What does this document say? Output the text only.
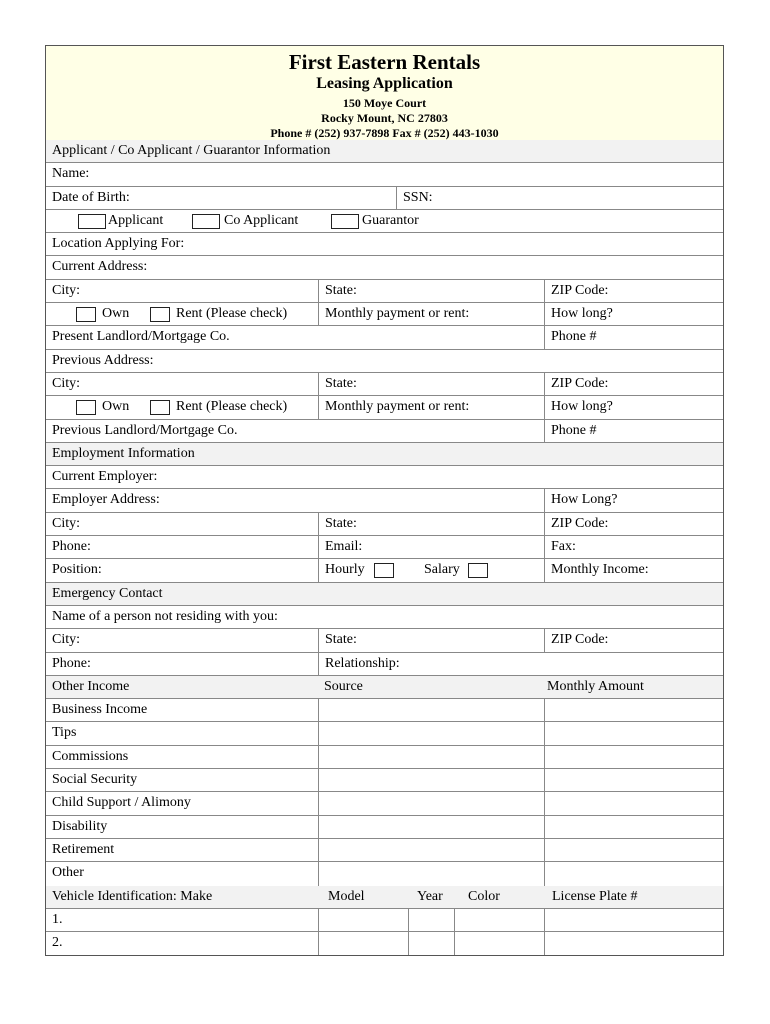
First Eastern Rentals
Leasing Application
150 Moye Court
Rocky Mount, NC 27803
Phone # (252) 937-7898 Fax # (252) 443-1030
Applicant / Co Applicant / Guarantor Information
Name:
Date of Birth:	SSN:
Applicant	Co Applicant	Guarantor
Location Applying For:
Current Address:
City:	State:	ZIP Code:
Own	Rent (Please check)	Monthly payment or rent:	How long?
Present Landlord/Mortgage Co.	Phone #
Previous Address:
City:	State:	ZIP Code:
Own	Rent (Please check)	Monthly payment or rent:	How long?
Previous Landlord/Mortgage Co.	Phone #
Employment Information
Current Employer:
Employer Address:	How Long?
City:	State:	ZIP Code:
Phone:	Email:	Fax:
Position:	Hourly	Salary	Monthly Income:
Emergency Contact
Name of a person not residing with you:
City:	State:	ZIP Code:
Phone:	Relationship:
Other Income	Source	Monthly Amount
Business Income
Tips
Commissions
Social Security
Child Support / Alimony
Disability
Retirement
Other
Vehicle Identification: Make	Model	Year	Color	License Plate #
1.
2.
